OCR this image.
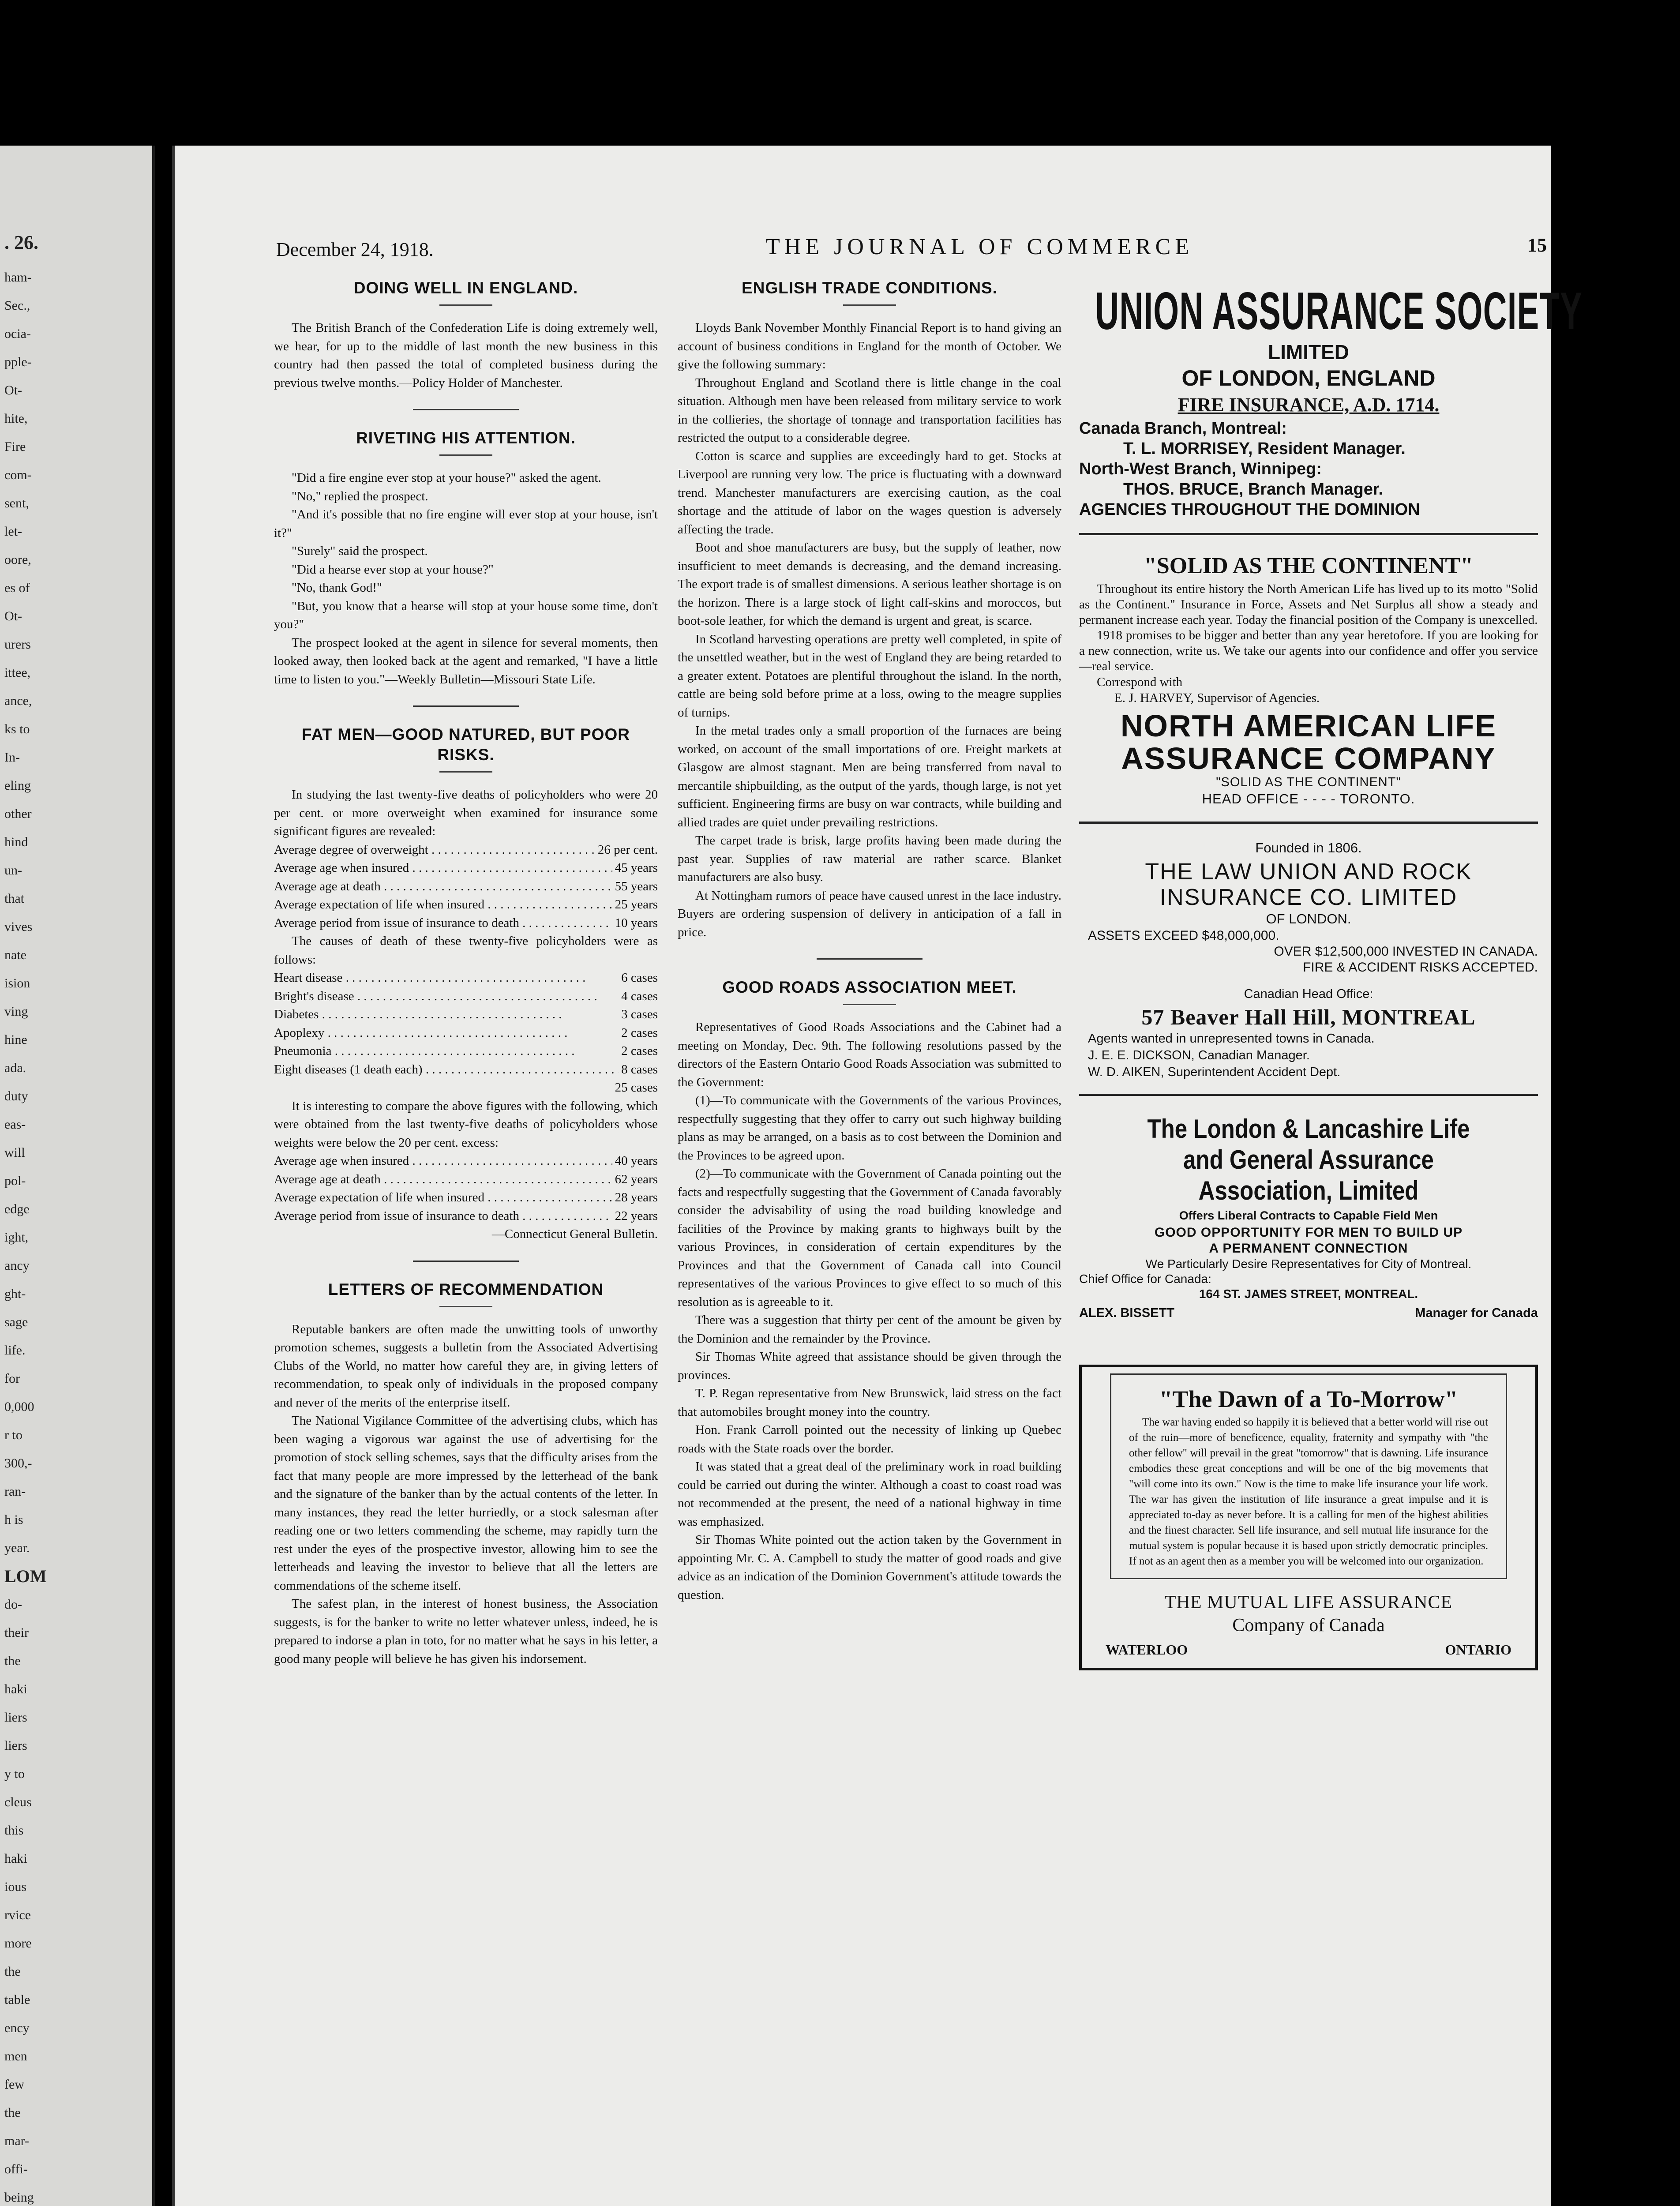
. 26.
ham-
Sec.,
ocia-
pple-
Ot-
hite,
Fire
com-
sent,
let-
oore,
es of
Ot-
urers
ittee,
ance,
ks to
In-
eling
other
hind
un-
that
vives
nate
ision
ving
hine
ada.
duty
eas-
will
pol-
edge
ight,
ancy
ght-
sage
life.
for
0,000
r to
300,-
ran-
h is
year.
LOM
do-
their
the
haki
liers
liers
y to
cleus
this
haki
ious
rvice
more
the
table
ency
men
few
the
mar-
offi-
being
December 24, 1918.	THE JOURNAL OF COMMERCE	15
DOING WELL IN ENGLAND.

The British Branch of the Confederation Life is doing extremely well, we hear, for up to the middle of last month the new business in this country had then passed the total of completed business during the previous twelve months.—Policy Holder of Manchester.

RIVETING HIS ATTENTION.

"Did a fire engine ever stop at your house?" asked the agent.

"No," replied the prospect.

"And it's possible that no fire engine will ever stop at your house, isn't it?"

"Surely" said the prospect.

"Did a hearse ever stop at your house?"

"No, thank God!"

"But, you know that a hearse will stop at your house some time, don't you?"

The prospect looked at the agent in silence for several moments, then looked away, then looked back at the agent and remarked, "I have a little time to listen to you."—Weekly Bulletin—Missouri State Life.

FAT MEN—GOOD NATURED, BUT POOR RISKS.

In studying the last twenty-five deaths of policyholders who were 20 per cent. or more overweight when examined for insurance some significant figures are revealed:

Average degree of overweight . . .	26 per cent.
Average age when insured . . .	45 years
Average age at death . . .	55 years
Average expectation of life when insured . . .	25 years
Average period from issue of insurance to death . . .	10 years

The causes of death of these twenty-five policyholders were as follows:

Heart disease . . .	6 cases
Bright's disease . . .	4 cases
Diabetes . . .	3 cases
Apoplexy . . .	2 cases
Pneumonia . . .	2 cases
Eight diseases (1 death each) . . .	8 cases
25 cases

It is interesting to compare the above figures with the following, which were obtained from the last twenty-five deaths of policyholders whose weights were below the 20 per cent. excess:

Average age when insured . . .	40 years
Average age at death . . .	62 years
Average expectation of life when insured . . .	28 years
Average period from issue of insurance to death . . .	22 years
—Connecticut General Bulletin.
LETTERS OF RECOMMENDATION

Reputable bankers are often made the unwitting tools of unworthy promotion schemes, suggests a bulletin from the Associated Advertising Clubs of the World, no matter how careful they are, in giving letters of recommendation, to speak only of individuals in the proposed company and never of the merits of the enterprise itself.

The National Vigilance Committee of the advertising clubs, which has been waging a vigorous war against the use of advertising for the promotion of stock selling schemes, says that the difficulty arises from the fact that many people are more impressed by the letterhead of the bank and the signature of the banker than by the actual contents of the letter. In many instances, they read the letter hurriedly, or a stock salesman after reading one or two letters commending the scheme, may rapidly turn the rest under the eyes of the prospective investor, allowing him to see the letterheads and leaving the investor to believe that all the letters are commendations of the scheme itself.

The safest plan, in the interest of honest business, the Association suggests, is for the banker to write no letter whatever unless, indeed, he is prepared to indorse a plan in toto, for no matter what he says in his letter, a good many people will believe he has given his indorsement.

ENGLISH TRADE CONDITIONS.

Lloyds Bank November Monthly Financial Report is to hand giving an account of business conditions in England for the month of October. We give the following summary:

Throughout England and Scotland there is little change in the coal situation. Although men have been released from military service to work in the collieries, the shortage of tonnage and transportation facilities has restricted the output to a considerable degree.

Cotton is scarce and supplies are exceedingly hard to get. Stocks at Liverpool are running very low. The price is fluctuating with a downward trend. Manchester manufacturers are exercising caution, as the coal shortage and the attitude of labor on the wages question is adversely affecting the trade.

Boot and shoe manufacturers are busy, but the supply of leather, now insufficient to meet demands is decreasing, and the demand increasing. The export trade is of smallest dimensions. A serious leather shortage is on the horizon. There is a large stock of light calf-skins and moroccos, but boot-sole leather, for which the demand is urgent and great, is scarce.

In Scotland harvesting operations are pretty well completed, in spite of the unsettled weather, but in the west of England they are being retarded to a greater extent. Potatoes are plentiful throughout the island. In the north, cattle are being sold before prime at a loss, owing to the meagre supplies of turnips.

In the metal trades only a small proportion of the furnaces are being worked, on account of the small importations of ore. Freight markets at Glasgow are almost stagnant. Men are being transferred from naval to mercantile shipbuilding, as the output of the yards, though large, is not yet sufficient. Engineering firms are busy on war contracts, while building and allied trades are quiet under prevailing restrictions.

The carpet trade is brisk, large profits having been made during the past year. Supplies of raw material are rather scarce. Blanket manufacturers are also busy.

At Nottingham rumors of peace have caused unrest in the lace industry. Buyers are ordering suspension of delivery in anticipation of a fall in price.

GOOD ROADS ASSOCIATION MEET.

Representatives of Good Roads Associations and the Cabinet had a meeting on Monday, Dec. 9th. The following resolutions passed by the directors of the Eastern Ontario Good Roads Association was submitted to the Government:

(1)—To communicate with the Governments of the various Provinces, respectfully suggesting that they offer to carry out such highway building plans as may be arranged, on a basis as to cost between the Dominion and the Provinces to be agreed upon.

(2)—To communicate with the Government of Canada pointing out the facts and respectfully suggesting that the Government of Canada favorably consider the advisability of using the road building knowledge and facilities of the Province by making grants to highways built by the various Provinces, in consideration of certain expenditures by the Provinces and that the Government of Canada call into Council representatives of the various Provinces to give effect to so much of this resolution as is agreeable to it.

There was a suggestion that thirty per cent of the amount be given by the Dominion and the remainder by the Province.

Sir Thomas White agreed that assistance should be given through the provinces.

T. P. Regan representative from New Brunswick, laid stress on the fact that automobiles brought money into the country.

Hon. Frank Carroll pointed out the necessity of linking up Quebec roads with the State roads over the border.

It was stated that a great deal of the preliminary work in road building could be carried out during the winter. Although a coast to coast road was not recommended at the present, the need of a national highway in time was emphasized.

Sir Thomas White pointed out the action taken by the Government in appointing Mr. C. A. Campbell to study the matter of good roads and give advice as an indication of the Dominion Government's attitude towards the question.

UNION ASSURANCE SOCIETY
LIMITED
OF LONDON, ENGLAND
FIRE INSURANCE, A.D. 1714.
Canada Branch, Montreal:
T. L. MORRISEY, Resident Manager.
North-West Branch, Winnipeg:
THOS. BRUCE, Branch Manager.
AGENCIES THROUGHOUT THE DOMINION
"SOLID AS THE CONTINENT"

Throughout its entire history the North American Life has lived up to its motto "Solid as the Continent." Insurance in Force, Assets and Net Surplus all show a steady and permanent increase each year. Today the financial position of the Company is unexcelled.

1918 promises to be bigger and better than any year heretofore. If you are looking for a new connection, write us. We take our agents into our confidence and offer you service—real service.

Correspond with
E. J. HARVEY, Supervisor of Agencies.
NORTH AMERICAN LIFE
ASSURANCE COMPANY
"SOLID AS THE CONTINENT"
HEAD OFFICE - - - - TORONTO.
Founded in 1806.
THE LAW UNION AND ROCK
INSURANCE CO. LIMITED
OF LONDON.
ASSETS EXCEED $48,000,000.
OVER $12,500,000 INVESTED IN CANADA.
FIRE & ACCIDENT RISKS ACCEPTED.
Canadian Head Office:
57 Beaver Hall Hill, MONTREAL
Agents wanted in unrepresented towns in Canada.
J. E. E. DICKSON, Canadian Manager.
W. D. AIKEN, Superintendent Accident Dept.
The London & Lancashire Life
and General Assurance
Association, Limited
Offers Liberal Contracts to Capable Field Men
GOOD OPPORTUNITY FOR MEN TO BUILD UP
A PERMANENT CONNECTION
We Particularly Desire Representatives for City of Montreal.
Chief Office for Canada:
164 ST. JAMES STREET, MONTREAL.
ALEX. BISSETT	Manager for Canada
"The Dawn of a To-Morrow"

The war having ended so happily it is believed that a better world will rise out of the ruin—more of beneficence, equality, fraternity and sympathy with "the other fellow" will prevail in the great "tomorrow" that is dawning. Life insurance embodies these great conceptions and will be one of the big movements that "will come into its own." Now is the time to make life insurance your life work. The war has given the institution of life insurance a great impulse and it is appreciated to-day as never before. It is a calling for men of the highest abilities and the finest character. Sell life insurance, and sell mutual life insurance for the mutual system is popular because it is based upon strictly democratic principles. If not as an agent then as a member you will be welcomed into our organization.

THE MUTUAL LIFE ASSURANCE
Company of Canada
WATERLOO	ONTARIO
